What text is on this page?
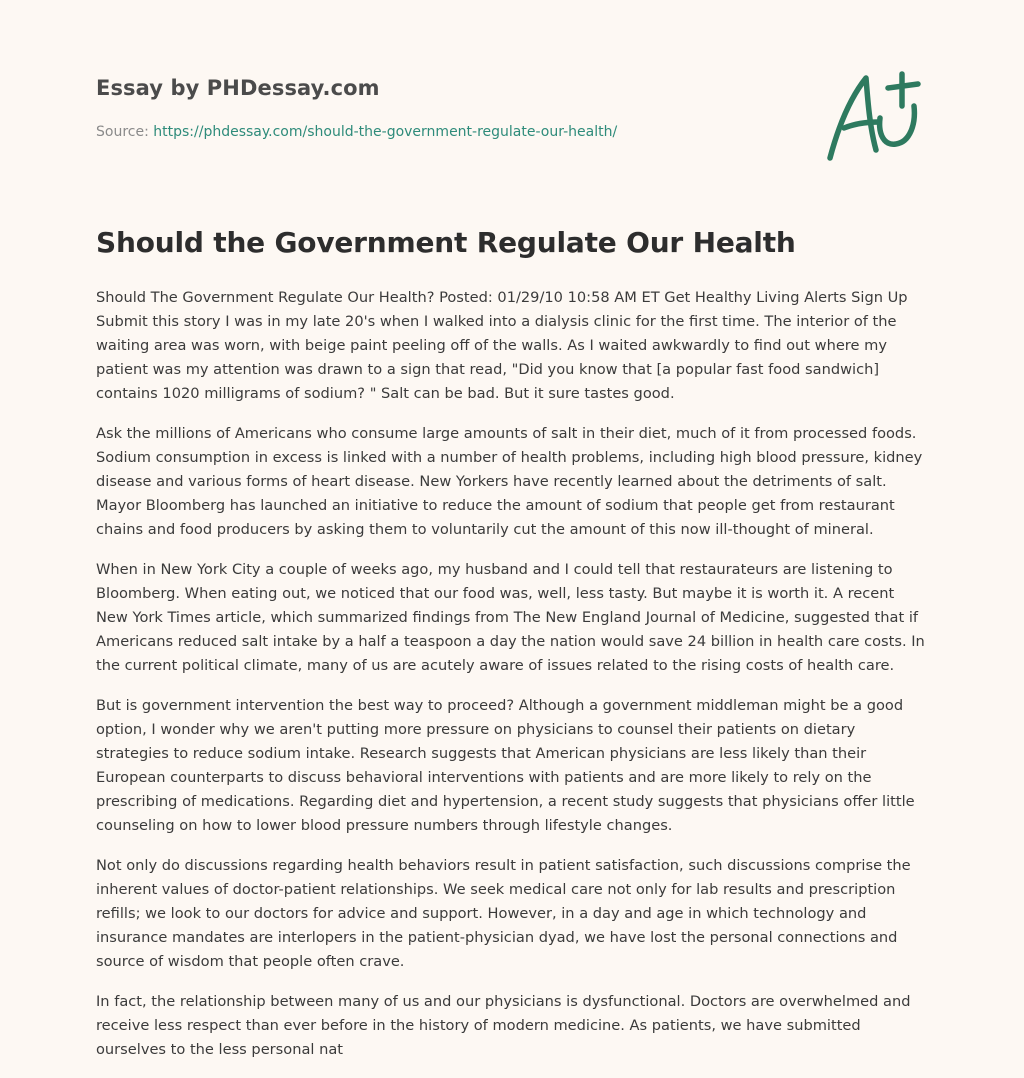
Essay by PHDessay.com

Source: https://phdessay.com/should-the-government-regulate-our-health/

Should the Government Regulate Our Health

Should The Government Regulate Our Health? Posted: 01/29/10 10:58 AM ET Get Healthy Living Alerts Sign Up Submit this story I was in my late 20's when I walked into a dialysis clinic for the first time. The interior of the waiting area was worn, with beige paint peeling off of the walls. As I waited awkwardly to find out where my patient was my attention was drawn to a sign that read, "Did you know that [a popular fast food sandwich] contains 1020 milligrams of sodium? " Salt can be bad. But it sure tastes good.

Ask the millions of Americans who consume large amounts of salt in their diet, much of it from processed foods. Sodium consumption in excess is linked with a number of health problems, including high blood pressure, kidney disease and various forms of heart disease. New Yorkers have recently learned about the detriments of salt. Mayor Bloomberg has launched an initiative to reduce the amount of sodium that people get from restaurant chains and food producers by asking them to voluntarily cut the amount of this now ill-thought of mineral.

When in New York City a couple of weeks ago, my husband and I could tell that restaurateurs are listening to Bloomberg. When eating out, we noticed that our food was, well, less tasty. But maybe it is worth it. A recent New York Times article, which summarized findings from The New England Journal of Medicine, suggested that if Americans reduced salt intake by a half a teaspoon a day the nation would save 24 billion in health care costs. In the current political climate, many of us are acutely aware of issues related to the rising costs of health care.

But is government intervention the best way to proceed? Although a government middleman might be a good option, I wonder why we aren't putting more pressure on physicians to counsel their patients on dietary strategies to reduce sodium intake. Research suggests that American physicians are less likely than their European counterparts to discuss behavioral interventions with patients and are more likely to rely on the prescribing of medications. Regarding diet and hypertension, a recent study suggests that physicians offer little counseling on how to lower blood pressure numbers through lifestyle changes.

Not only do discussions regarding health behaviors result in patient satisfaction, such discussions comprise the inherent values of doctor-patient relationships. We seek medical care not only for lab results and prescription refills; we look to our doctors for advice and support. However, in a day and age in which technology and insurance mandates are interlopers in the patient-physician dyad, we have lost the personal connections and source of wisdom that people often crave.

In fact, the relationship between many of us and our physicians is dysfunctional. Doctors are overwhelmed and receive less respect than ever before in the history of modern medicine. As patients, we have submitted ourselves to the less personal nat
